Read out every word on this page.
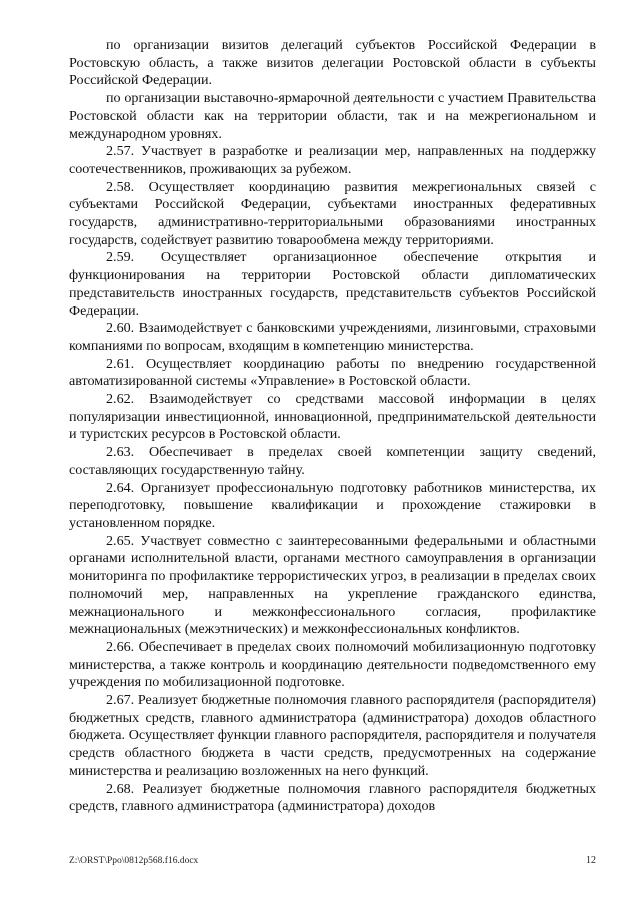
по организации визитов делегаций субъектов Российской Федерации в Ростовскую область, а также визитов делегации Ростовской области в субъекты Российской Федерации.

по организации выставочно-ярмарочной деятельности с участием Правительства Ростовской области как на территории области, так и на межрегиональном и международном уровнях.

2.57. Участвует в разработке и реализации мер, направленных на поддержку соотечественников, проживающих за рубежом.

2.58. Осуществляет координацию развития межрегиональных связей с субъектами Российской Федерации, субъектами иностранных федеративных государств, административно-территориальными образованиями иностранных государств, содействует развитию товарообмена между территориями.

2.59. Осуществляет организационное обеспечение открытия и функционирования на территории Ростовской области дипломатических представительств иностранных государств, представительств субъектов Российской Федерации.

2.60. Взаимодействует с банковскими учреждениями, лизинговыми, страховыми компаниями по вопросам, входящим в компетенцию министерства.

2.61. Осуществляет координацию работы по внедрению государственной автоматизированной системы «Управление» в Ростовской области.

2.62. Взаимодействует со средствами массовой информации в целях популяризации инвестиционной, инновационной, предпринимательской деятельности и туристских ресурсов в Ростовской области.

2.63. Обеспечивает в пределах своей компетенции защиту сведений, составляющих государственную тайну.

2.64. Организует профессиональную подготовку работников министерства, их переподготовку, повышение квалификации и прохождение стажировки в установленном порядке.

2.65. Участвует совместно с заинтересованными федеральными и областными органами исполнительной власти, органами местного самоуправления в организации мониторинга по профилактике террористических угроз, в реализации в пределах своих полномочий мер, направленных на укрепление гражданского единства, межнационального и межконфессионального согласия, профилактике межнациональных (межэтнических) и межконфессиональных конфликтов.

2.66. Обеспечивает в пределах своих полномочий мобилизационную подготовку министерства, а также контроль и координацию деятельности подведомственного ему учреждения по мобилизационной подготовке.

2.67. Реализует бюджетные полномочия главного распорядителя (распорядителя) бюджетных средств, главного администратора (администратора) доходов областного бюджета. Осуществляет функции главного распорядителя, распорядителя и получателя средств областного бюджета в части средств, предусмотренных на содержание министерства и реализацию возложенных на него функций.

2.68. Реализует бюджетные полномочия главного распорядителя бюджетных средств, главного администратора (администратора) доходов

Z:\ORST\Ppo\0812p568.f16.docx	12
